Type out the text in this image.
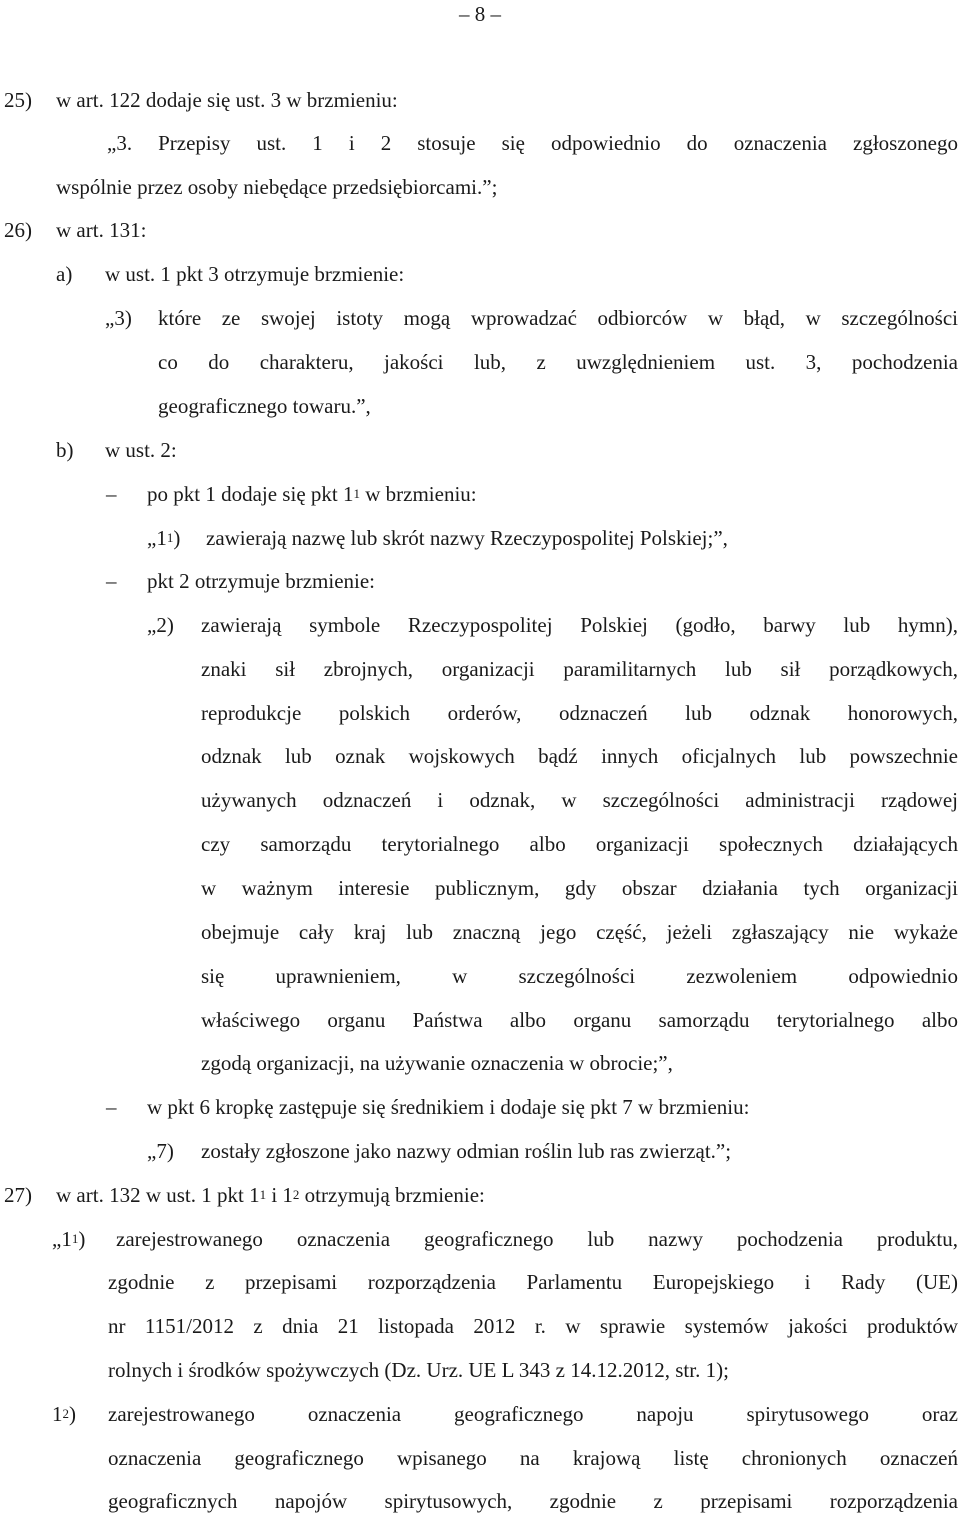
– 8 –
25) w art. 122 dodaje się ust. 3 w brzmieniu:
„3. Przepisy ust. 1 i 2 stosuje się odpowiednio do oznaczenia zgłoszonego
wspólnie przez osoby niebędące przedsiębiorcami.”;
26) w art. 131:
a) w ust. 1 pkt 3 otrzymuje brzmienie:
„3) które ze swojej istoty mogą wprowadzać odbiorców w błąd, w szczególności
co do charakteru, jakości lub, z uwzględnieniem ust. 3, pochodzenia
geograficznego towaru.”,
b) w ust. 2:
– po pkt 1 dodaje się pkt $1^1$ w brzmieniu:
$„1^1$) zawierają nazwę lub skrót nazwy Rzeczypospolitej Polskiej;”,
– pkt 2 otrzymuje brzmienie:
„2) zawierają symbole Rzeczypospolitej Polskiej (godło, barwy lub hymn),
znaki sił zbrojnych, organizacji paramilitarnych lub sił porządkowych,
reprodukcje polskich orderów, odznaczeń lub odznak honorowych,
odznak lub oznak wojskowych bądź innych oficjalnych lub powszechnie
używanych odznaczeń i odznak, w szczególności administracji rządowej
czy samorządu terytorialnego albo organizacji społecznych działających
w ważnym interesie publicznym, gdy obszar działania tych organizacji
obejmuje cały kraj lub znaczną jego część, jeżeli zgłaszający nie wykaże
się uprawnieniem, w szczególności zezwoleniem odpowiednio
właściwego organu Państwa albo organu samorządu terytorialnego albo
zgodą organizacji, na używanie oznaczenia w obrocie;”,
– w pkt 6 kropkę zastępuje się średnikiem i dodaje się pkt 7 w brzmieniu:
„7) zostały zgłoszone jako nazwy odmian roślin lub ras zwierząt.”;
27) w art. 132 w ust. 1 pkt $1^1$ i $1^2$ otrzymują brzmienie:
$„1^1$) zarejestrowanego oznaczenia geograficznego lub nazwy pochodzenia produktu,
zgodnie z przepisami rozporządzenia Parlamentu Europejskiego i Rady (UE)
nr 1151/2012 z dnia 21 listopada 2012 r. w sprawie systemów jakości produktów
rolnych i środków spożywczych (Dz. Urz. UE L 343 z 14.12.2012, str. 1);
$1^2$) zarejestrowanego oznaczenia geograficznego napoju spirytusowego oraz
oznaczenia geograficznego wpisanego na krajową listę chronionych oznaczeń
geograficznych napojów spirytusowych, zgodnie z przepisami rozporządzenia
